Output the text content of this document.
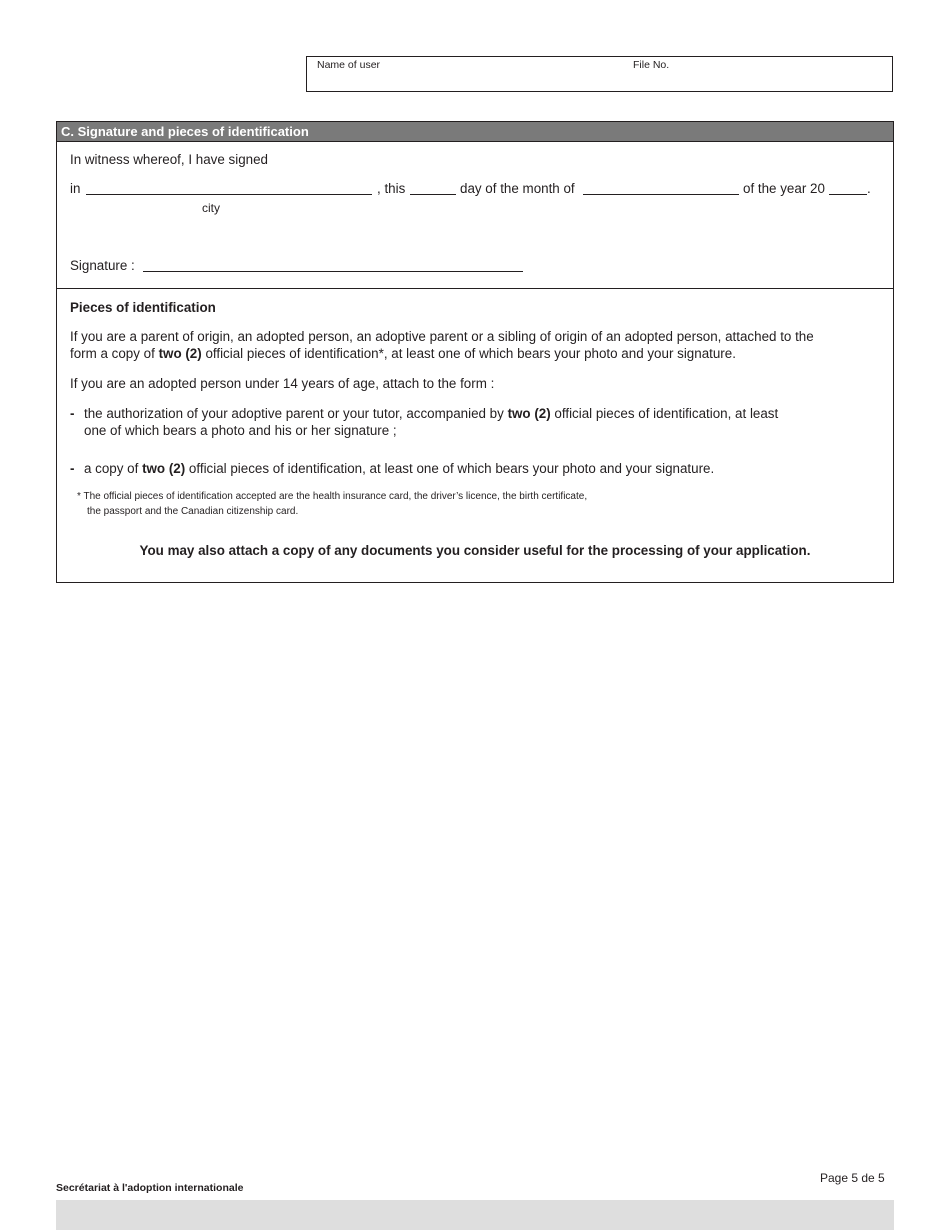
Name of user	File No.
C. Signature and pieces of identification
In witness whereof, I have signed
in	, this	day of the month of	of the year 20	.
city
Signature :
Pieces of identification
If you are a parent of origin, an adopted person, an adoptive parent or a sibling of origin of an adopted person, attached to the
form a copy of two (2) official pieces of identification*, at least one of which bears your photo and your signature.
If you are an adopted person under 14 years of age, attach to the form :
- the authorization of your adoptive parent or your tutor, accompanied by two (2) official pieces of identification, at least
one of which bears a photo and his or her signature ;
- a copy of two (2) official pieces of identification, at least one of which bears your photo and your signature.
* The official pieces of identification accepted are the health insurance card, the driver’s licence, the birth certificate,
the passport and the Canadian citizenship card.
You may also attach a copy of any documents you consider useful for the processing of your application.
Page 5 de 5
Secrétariat à l'adoption internationale
